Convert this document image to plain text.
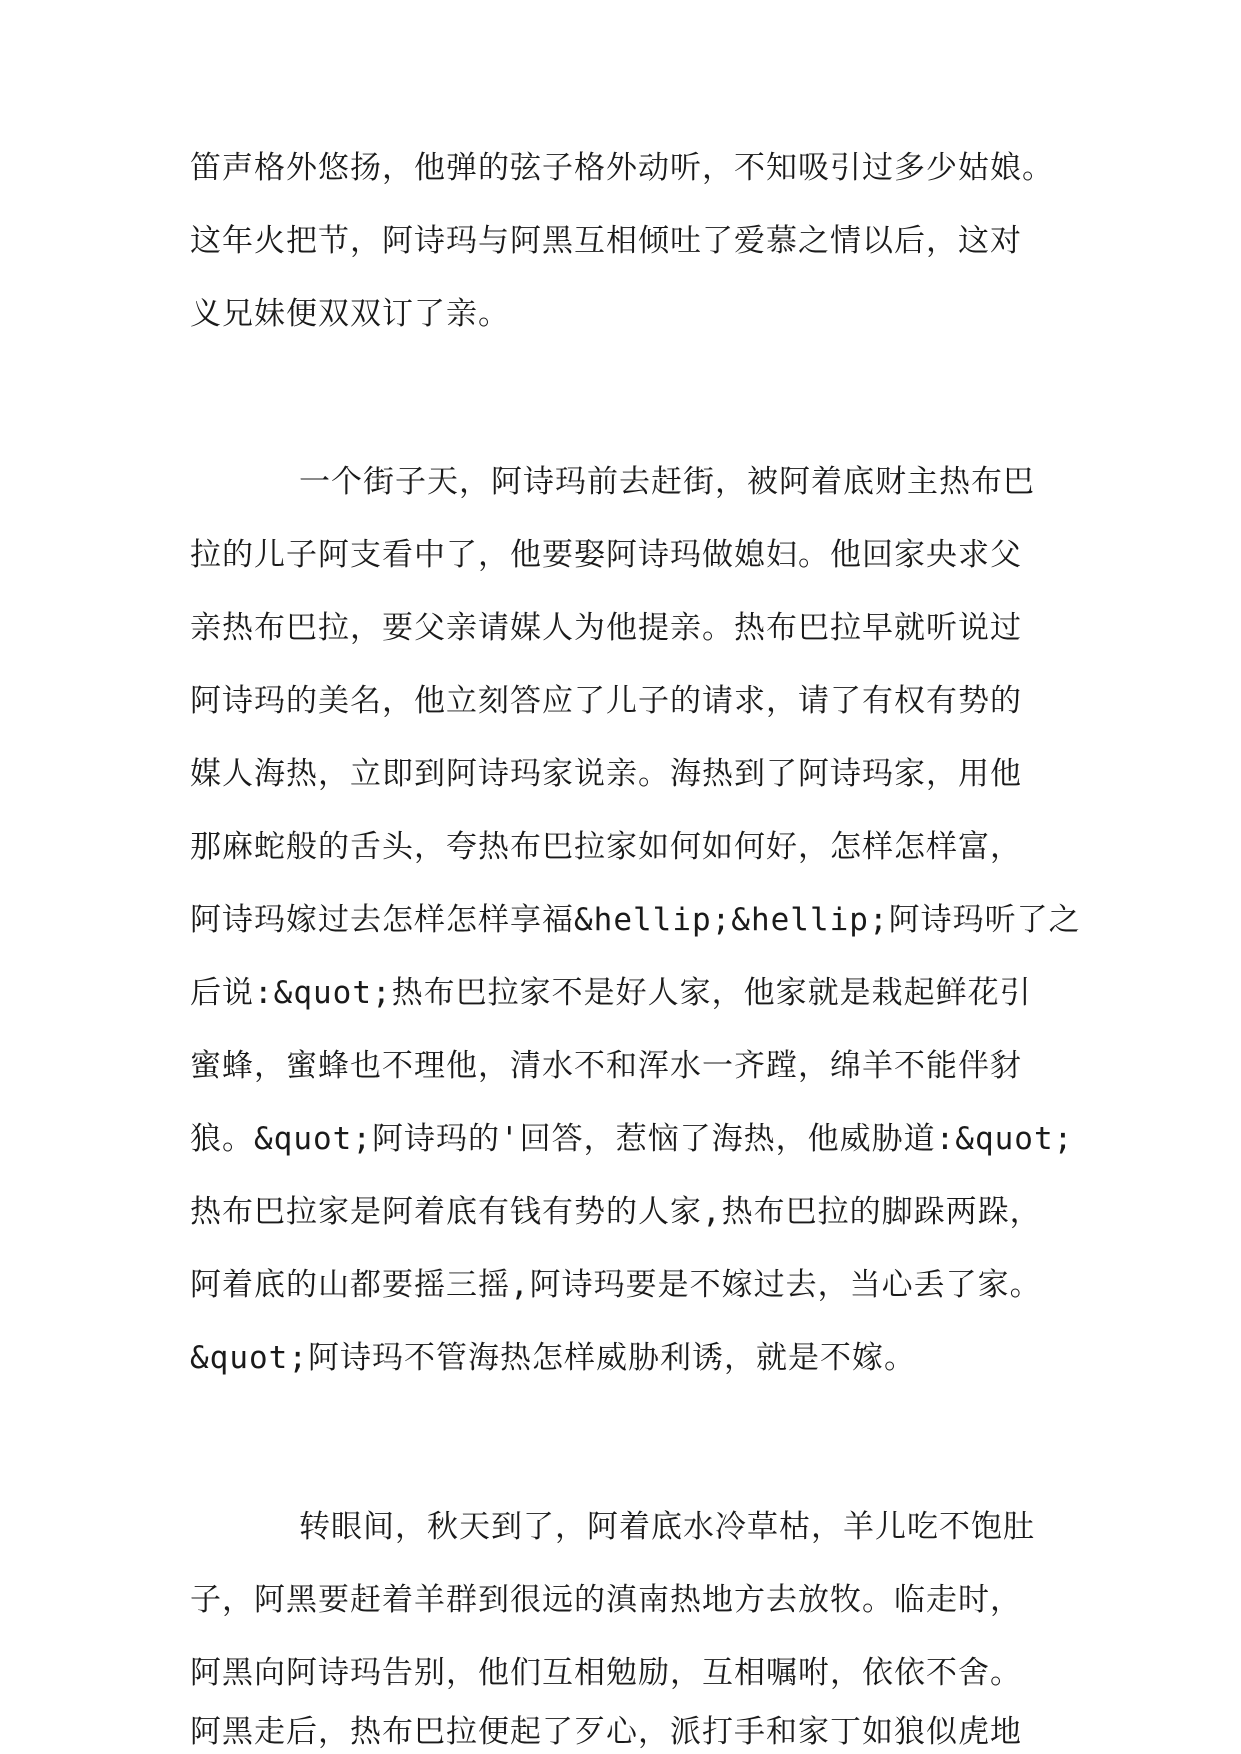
笛声格外悠扬，他弹的弦子格外动听，不知吸引过多少姑娘。
这年火把节，阿诗玛与阿黑互相倾吐了爱慕之情以后，这对
义兄妹便双双订了亲。
一个街子天，阿诗玛前去赶街，被阿着底财主热布巴
拉的儿子阿支看中了，他要娶阿诗玛做媳妇。他回家央求父
亲热布巴拉，要父亲请媒人为他提亲。热布巴拉早就听说过
阿诗玛的美名，他立刻答应了儿子的请求，请了有权有势的
媒人海热，立即到阿诗玛家说亲。海热到了阿诗玛家，用他
那麻蛇般的舌头，夸热布巴拉家如何如何好，怎样怎样富，
阿诗玛嫁过去怎样怎样享福&hellip;&hellip;阿诗玛听了之
后说:&quot;热布巴拉家不是好人家，他家就是栽起鲜花引
蜜蜂，蜜蜂也不理他，清水不和浑水一齐蹚，绵羊不能伴豺
狼。&quot;阿诗玛的'回答，惹恼了海热，他威胁道:&quot;
热布巴拉家是阿着底有钱有势的人家,热布巴拉的脚跺两跺，
阿着底的山都要摇三摇,阿诗玛要是不嫁过去，当心丢了家。
&quot;阿诗玛不管海热怎样威胁利诱，就是不嫁。
转眼间，秋天到了，阿着底水冷草枯，羊儿吃不饱肚
子，阿黑要赶着羊群到很远的滇南热地方去放牧。临走时，
阿黑向阿诗玛告别，他们互相勉励，互相嘱咐，依依不舍。
阿黑走后，热布巴拉便起了歹心，派打手和家丁如狼似虎地
